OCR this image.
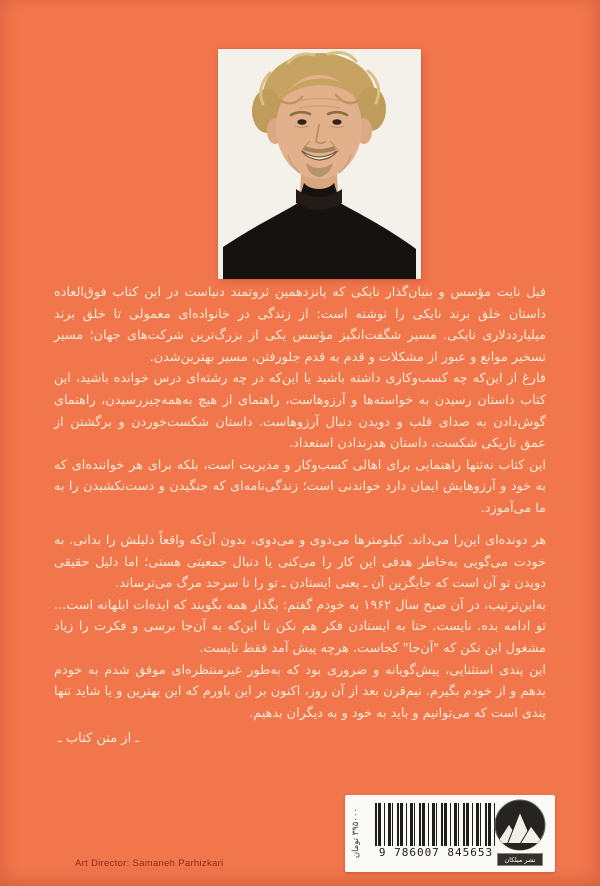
فیل نایت مؤسس و بنیان‌گذار نایکی که پانزدهمین ثروتمند دنیاست در این کتاب فوق‌العاده داستان خلق برند نایکی را نوشته است: از زندگی در خانواده‌ای معمولی تا خلق برند میلیارددلاری نایکی. مسیر شگفت‌انگیز مؤسس یکی از بزرگ‌ترین شرکت‌های جهان؛ مسیر تسخیر موانع و عبور از مشکلات و قدم به قدم جلورفتن، مسیر بهترین‌شدن.

فارغ از این‌که چه کسب‌وکاری داشته باشید یا این‌که در چه رشته‌ای درس خوانده باشید، این کتاب داستان رسیدن به خواسته‌ها و آرزوهاست، راهنمای از هیچ به‌همه‌چیزرسیدن، راهنمای گوش‌دادن به صدای قلب و دویدن دنبال آرزوهاست. داستان شکست‌خوردن و برگشتن از عمق تاریکی شکست، داستان هدرندادن استعداد.

این کتاب نه‌تنها راهنمایی برای اهالی کسب‌وکار و مدیریت است، بلکه برای هر خواننده‌ای که به خود و آرزوهایش ایمان دارد خواندنی است؛ زندگی‌نامه‌ای که جنگیدن و دست‌نکشیدن را به ما می‌آموزد.

هر دونده‌ای این‌را می‌داند. کیلومترها می‌دوی و می‌دوی، بدون آن‌که واقعاً دلیلش را بدانی. به خودت می‌گویی به‌خاطر هدفی این کار را می‌کنی یا دنبال جمعیتی هستی؛ اما دلیل حقیقی دویدن تو آن است که جایگزین آن ـ یعنی ایستادن ـ تو را تا سرحد مرگ می‌ترساند.

به‌این‌ترتیب، در آن صبح سال ۱۹۶۲ به خودم گفتم: بگذار همه بگویند که ایده‌ات ابلهانه است... تو ادامه بده. نایست. حتا به ایستادن فکر هم نکن تا این‌که به آن‌جا برسی و فکرت را زیاد مشغول این نکن که "آن‌جا" کجاست. هرچه پیش آمد فقط نایست.

این پندی استثنایی، پیش‌گویانه و ضروری بود که به‌طور غیرمنتظره‌ای موفق شدم به خودم بدهم و از خودم بگیرم. نیم‌قرن بعد از آن روز، اکنون بر این باورم که این بهترین و یا شاید تنها پندی است که می‌توانیم و باید به خود و به دیگران بدهیم.

ـ از متن کتاب ـ
۳۹۵۰۰۰ تومان
9 786007 845653
نشر میلکان
Art Director: Samaneh Parhizkari
